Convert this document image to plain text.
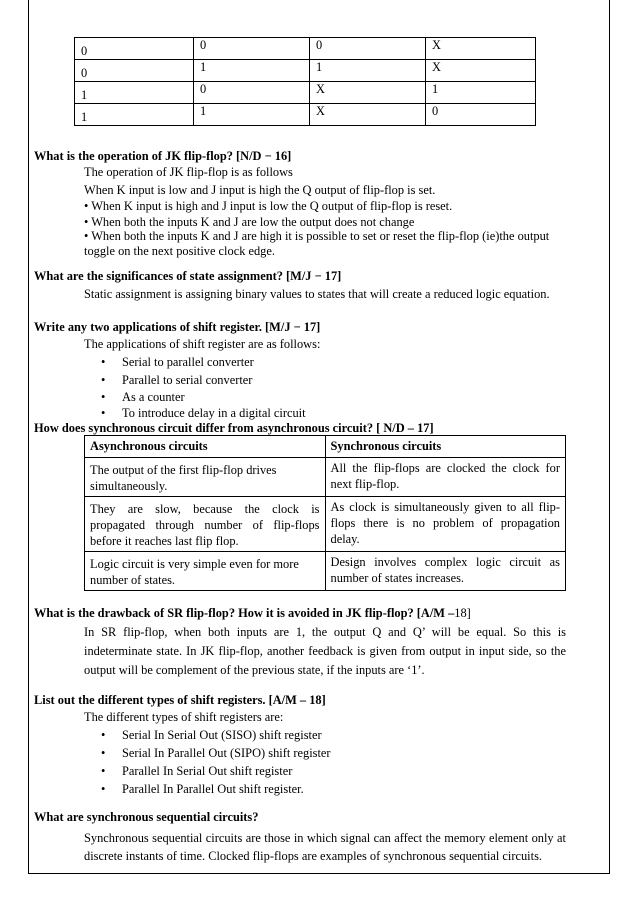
0	0	0	X
0	1	1	X
1	0	X	1
1	1	X	0
What is the operation of JK flip-flop? [N/D − 16]
The operation of JK flip-flop is as follows
When K input is low and J input is high the Q output of flip-flop is set.
• When K input is high and J input is low the Q output of flip-flop is reset.
• When both the inputs K and J are low the output does not change
• When both the inputs K and J are high it is possible to set or reset the flip-flop (ie)the output toggle on the next positive clock edge.
What are the significances of state assignment? [M/J − 17]
Static assignment is assigning binary values to states that will create a reduced logic equation.
Write any two applications of shift register. [M/J − 17]
The applications of shift register are as follows:
• Serial to parallel converter
• Parallel to serial converter
• As a counter
• To introduce delay in a digital circuit
How does synchronous circuit differ from asynchronous circuit? [ N/D – 17]
Asynchronous circuits	Synchronous circuits
The output of the first flip-flop drives simultaneously.	All the flip-flops are clocked the clock for next flip-flop.
They are slow, because the clock is propagated through number of flip-flops before it reaches last flip flop.	As clock is simultaneously given to all flip-flops there is no problem of propagation delay.
Logic circuit is very simple even for more number of states.	Design involves complex logic circuit as number of states increases.
What is the drawback of SR flip-flop? How it is avoided in JK flip-flop? [A/M –18]
In SR flip-flop, when both inputs are 1, the output Q and Q’ will be equal. So this is indeterminate state. In JK flip-flop, another feedback is given from output in input side, so the output will be complement of the previous state, if the inputs are ‘1’.
List out the different types of shift registers. [A/M – 18]
The different types of shift registers are:
• Serial In Serial Out (SISO) shift register
• Serial In Parallel Out (SIPO) shift register
• Parallel In Serial Out shift register
• Parallel In Parallel Out shift register.
What are synchronous sequential circuits?
Synchronous sequential circuits are those in which signal can affect the memory element only at discrete instants of time. Clocked flip-flops are examples of synchronous sequential circuits.
